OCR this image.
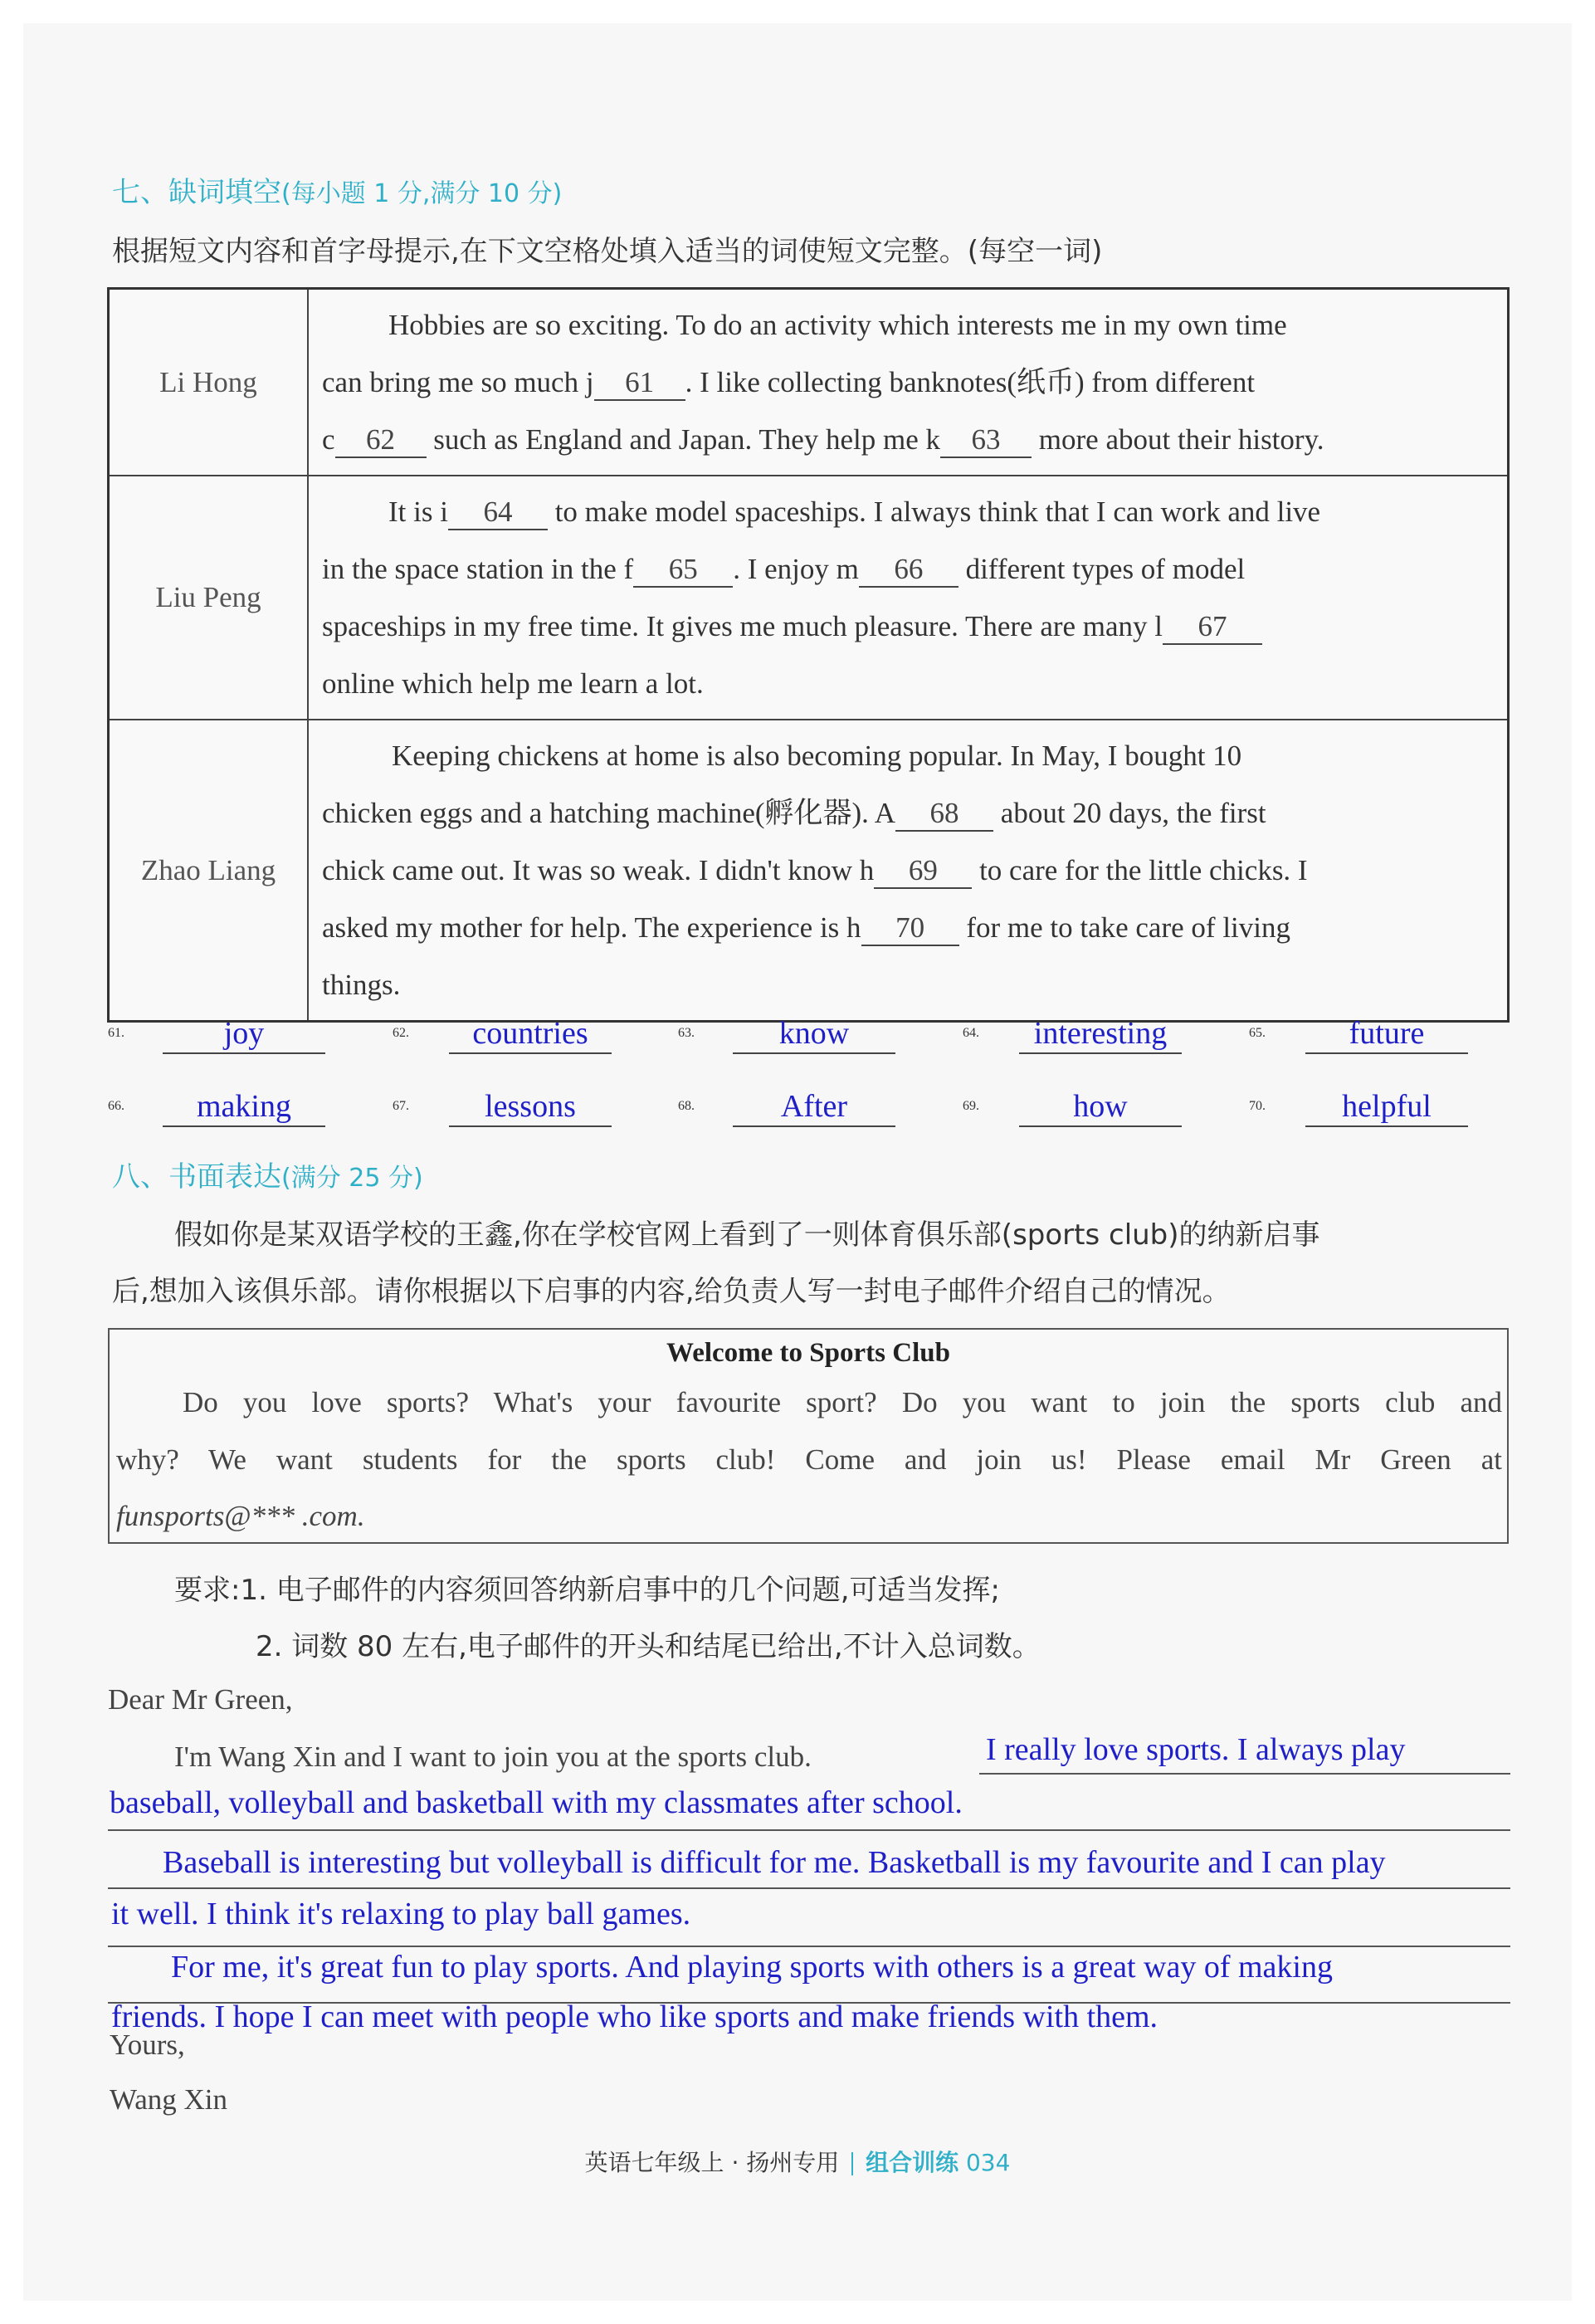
七、缺词填空(每小题 1 分,满分 10 分)
根据短文内容和首字母提示,在下文空格处填入适当的词使短文完整。(每空一词)
Li Hong	Hobbies are so exciting. To do an activity which interests me in my own time
can bring me so much j 61 . I like collecting banknotes(纸币) from different
c 62 such as England and Japan. They help me k 63 more about their history.

Liu Peng	It is i 64 to make model spaceships. I always think that I can work and live
in the space station in the f 65 . I enjoy m 66 different types of model
spaceships in my free time. It gives me much pleasure. There are many l 67
online which help me learn a lot.

Zhao Liang	Keeping chickens at home is also becoming popular. In May, I bought 10
chicken eggs and a hatching machine(孵化器). A 68 about 20 days, the first
chick came out. It was so weak. I didn't know h 69 to care for the little chicks. I
asked my mother for help. The experience is h 70 for me to take care of living
things.
61.	joy	62.	countries	63.	know	64.	interesting	65.	future
66.	making	67.	lessons	68.	After	69.	how	70.	helpful
八、书面表达(满分 25 分)
假如你是某双语学校的王鑫,你在学校官网上看到了一则体育俱乐部(sports club)的纳新启事
后,想加入该俱乐部。请你根据以下启事的内容,给负责人写一封电子邮件介绍自己的情况。
Welcome to Sports Club
Do you love sports? What's your favourite sport? Do you want to join the sports club and
why? We want students for the sports club! Come and join us! Please email Mr Green at
funsports@*** .com.
要求:1. 电子邮件的内容须回答纳新启事中的几个问题,可适当发挥;
2. 词数 80 左右,电子邮件的开头和结尾已给出,不计入总词数。
Dear Mr Green,
I'm Wang Xin and I want to join you at the sports club.	I really love sports. I always play
baseball, volleyball and basketball with my classmates after school.
Baseball is interesting but volleyball is difficult for me. Basketball is my favourite and I can play
it well. I think it's relaxing to play ball games.
For me, it's great fun to play sports. And playing sports with others is a great way of making
friends. I hope I can meet with people who like sports and make friends with them.
Yours,
Wang Xin
英语七年级上 · 扬州专用 组合训练 034
